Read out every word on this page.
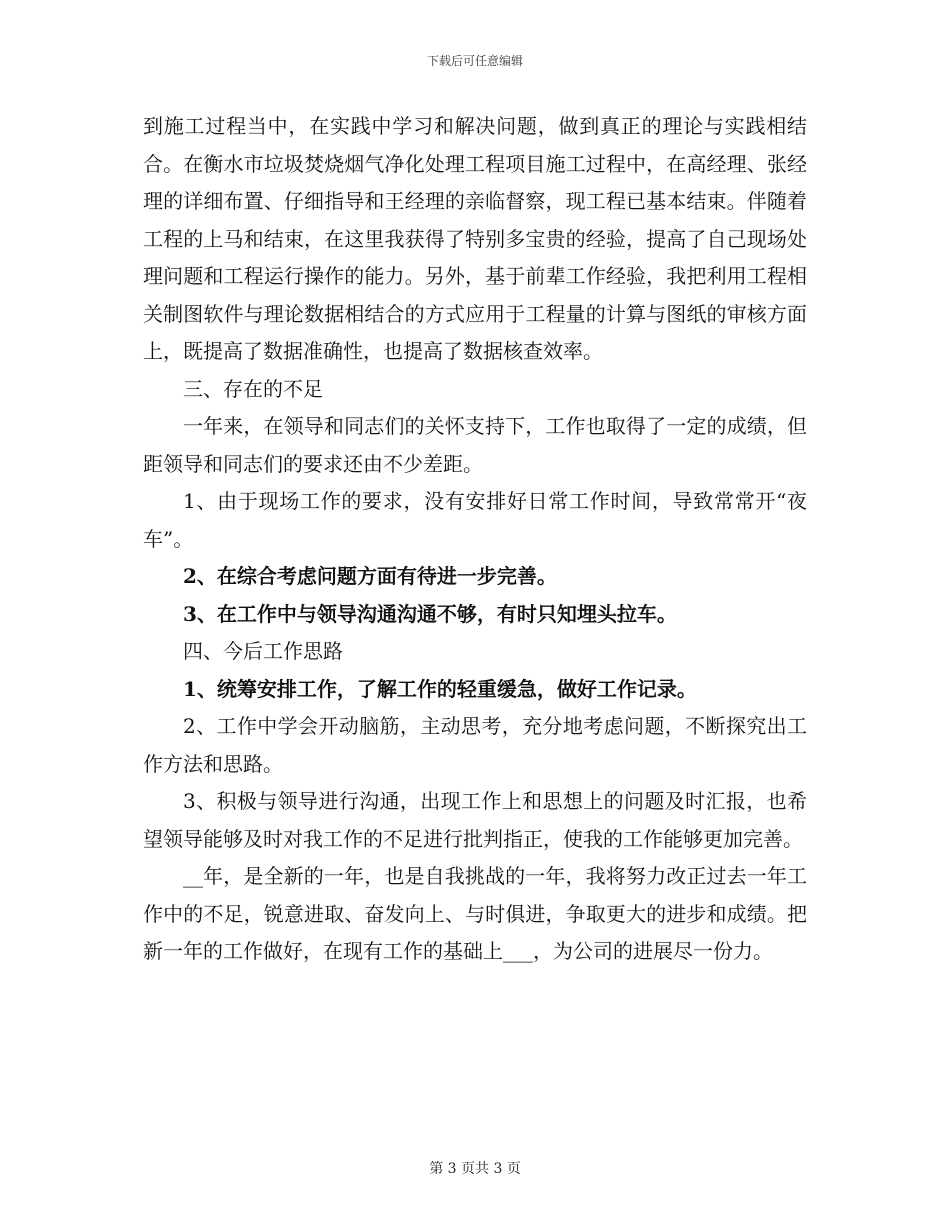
下载后可任意编辑

到施工过程当中，在实践中学习和解决问题，做到真正的理论与实践相结合。在衡水市垃圾焚烧烟气净化处理工程项目施工过程中，在高经理、张经理的详细布置、仔细指导和王经理的亲临督察，现工程已基本结束。伴随着工程的上马和结束，在这里我获得了特别多宝贵的经验，提高了自己现场处理问题和工程运行操作的能力。另外，基于前辈工作经验，我把利用工程相关制图软件与理论数据相结合的方式应用于工程量的计算与图纸的审核方面上，既提高了数据准确性，也提高了数据核查效率。

三、存在的不足

一年来，在领导和同志们的关怀支持下，工作也取得了一定的成绩，但距领导和同志们的要求还由不少差距。

1、由于现场工作的要求，没有安排好日常工作时间，导致常常开“夜车”。

2、在综合考虑问题方面有待进一步完善。

3、在工作中与领导沟通沟通不够，有时只知埋头拉车。

四、今后工作思路

1、统筹安排工作，了解工作的轻重缓急，做好工作记录。

2、工作中学会开动脑筋，主动思考，充分地考虑问题，不断探究出工作方法和思路。

3、积极与领导进行沟通，出现工作上和思想上的问题及时汇报，也希望领导能够及时对我工作的不足进行批判指正，使我的工作能够更加完善。

__年，是全新的一年，也是自我挑战的一年，我将努力改正过去一年工作中的不足，锐意进取、奋发向上、与时俱进，争取更大的进步和成绩。把新一年的工作做好，在现有工作的基础上___，为公司的进展尽一份力。

第 3 页共 3 页
